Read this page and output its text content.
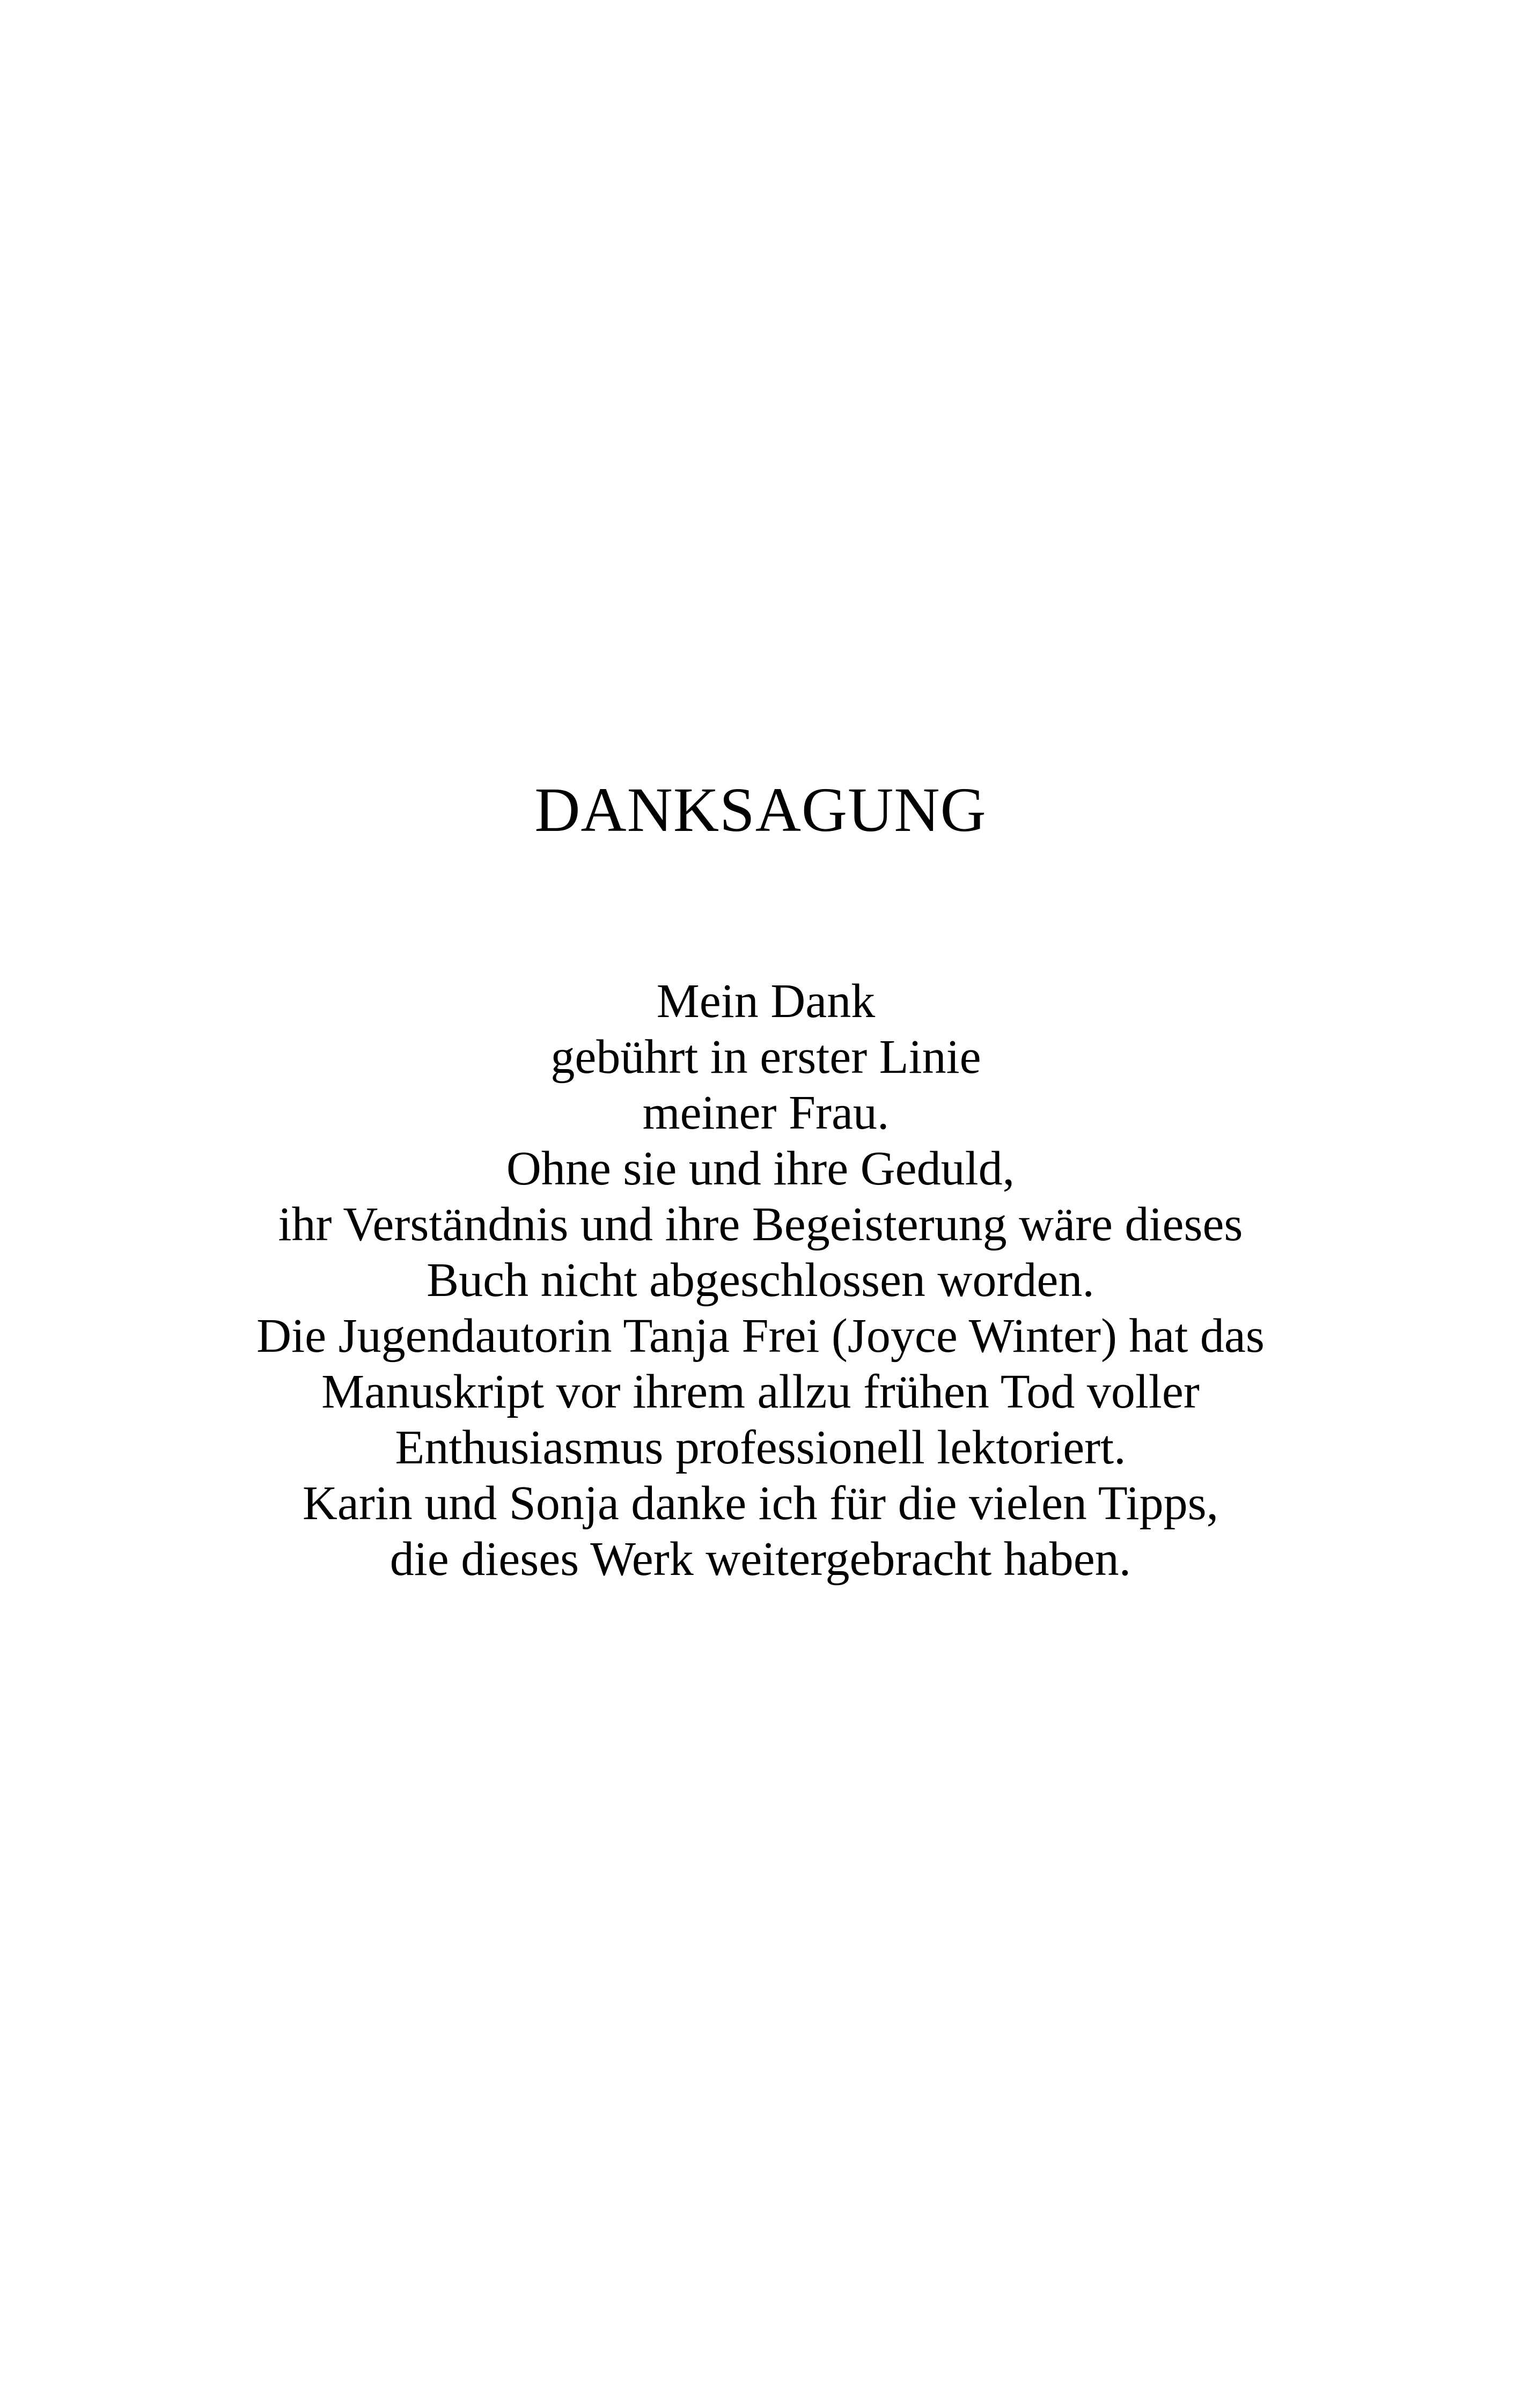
DANKSAGUNG
Mein Dank
gebührt in erster Linie
meiner Frau.
Ohne sie und ihre Geduld,
ihr Verständnis und ihre Begeisterung wäre dieses
Buch nicht abgeschlossen worden.
Die Jugendautorin Tanja Frei (Joyce Winter) hat das
Manuskript vor ihrem allzu frühen Tod voller
Enthusiasmus professionell lektoriert.
Karin und Sonja danke ich für die vielen Tipps,
die dieses Werk weitergebracht haben.
